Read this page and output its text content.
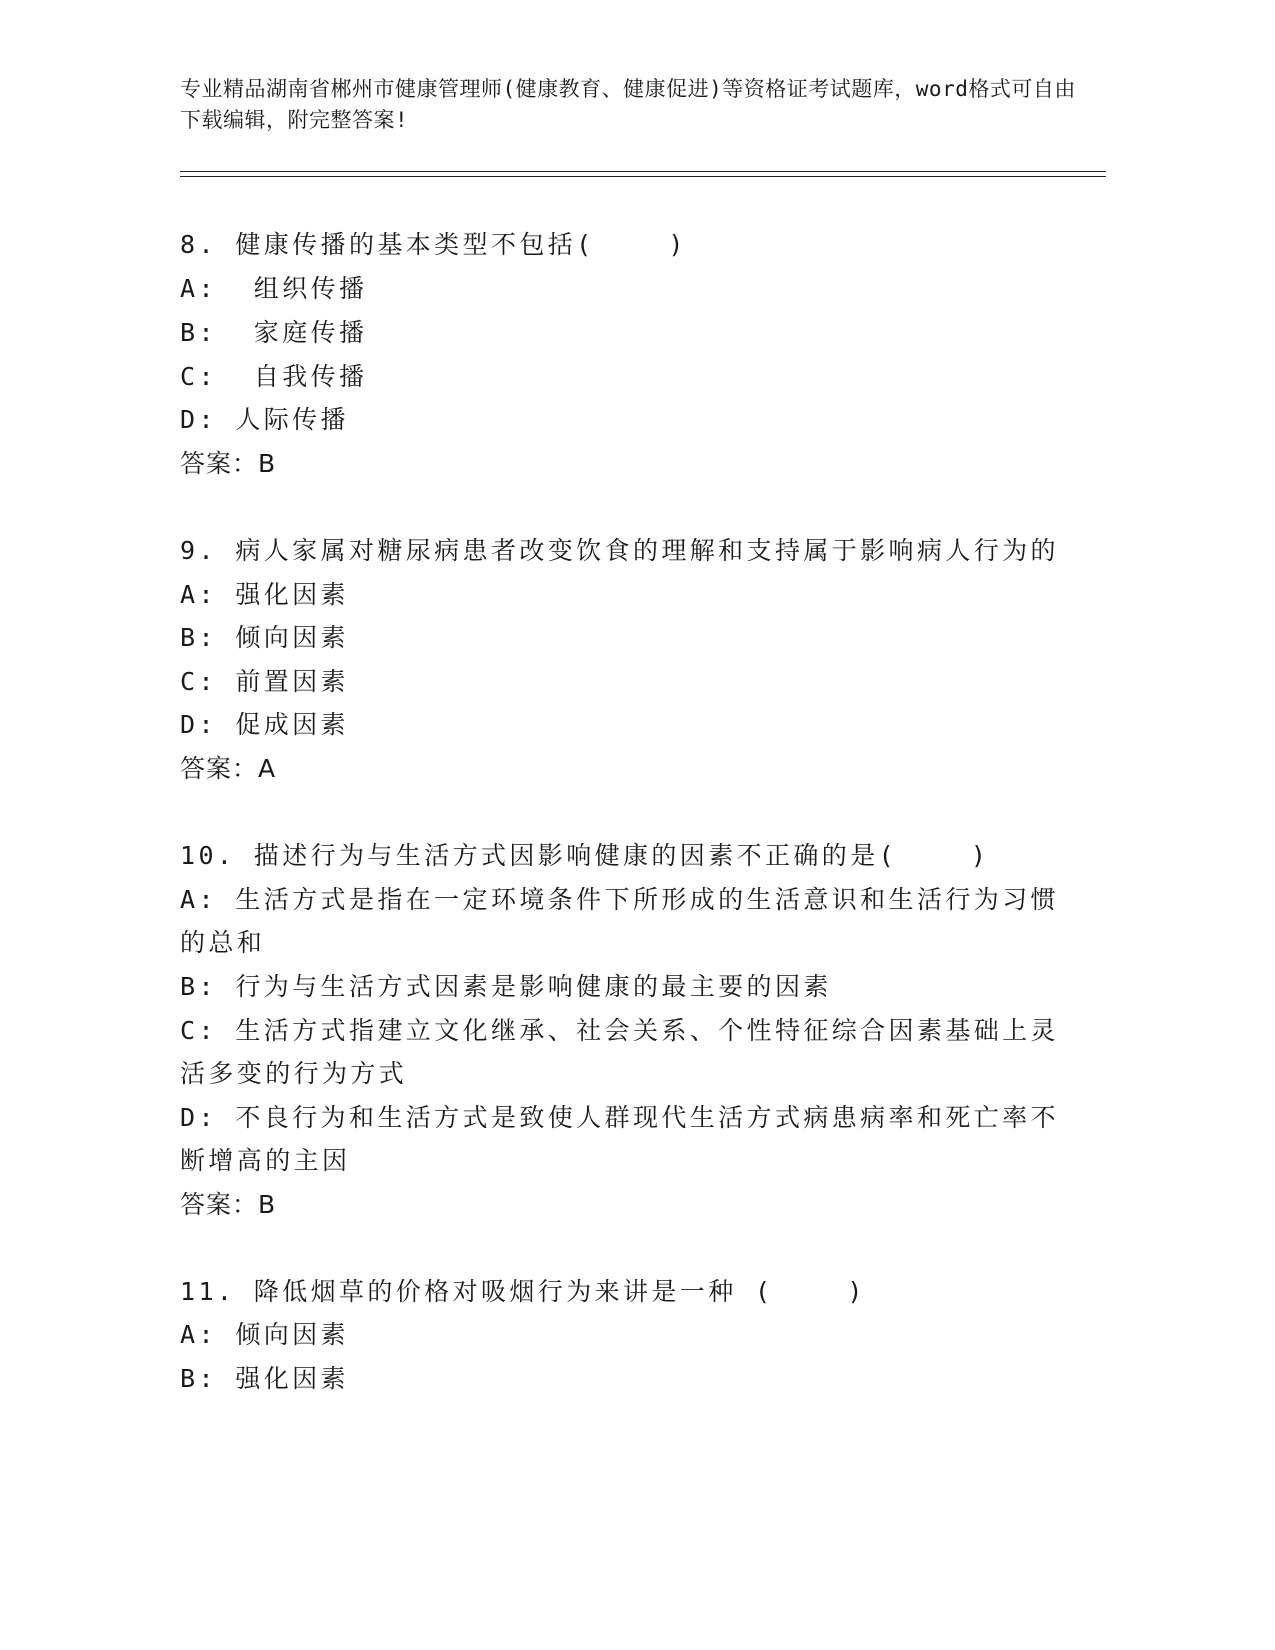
专业精品湖南省郴州市健康管理师(健康教育、健康促进)等资格证考试题库，word格式可自由下载编辑，附完整答案!
8. 健康传播的基本类型不包括(    )
A:  组织传播
B:  家庭传播
C:  自我传播
D: 人际传播
答案：B
9. 病人家属对糖尿病患者改变饮食的理解和支持属于影响病人行为的
A: 强化因素
B: 倾向因素
C: 前置因素
D: 促成因素
答案：A
10. 描述行为与生活方式因影响健康的因素不正确的是(    )
A: 生活方式是指在一定环境条件下所形成的生活意识和生活行为习惯
的总和
B: 行为与生活方式因素是影响健康的最主要的因素
C: 生活方式指建立文化继承、社会关系、个性特征综合因素基础上灵
活多变的行为方式
D: 不良行为和生活方式是致使人群现代生活方式病患病率和死亡率不
断增高的主因
答案：B
11. 降低烟草的价格对吸烟行为来讲是一种 (    )
A: 倾向因素
B: 强化因素
